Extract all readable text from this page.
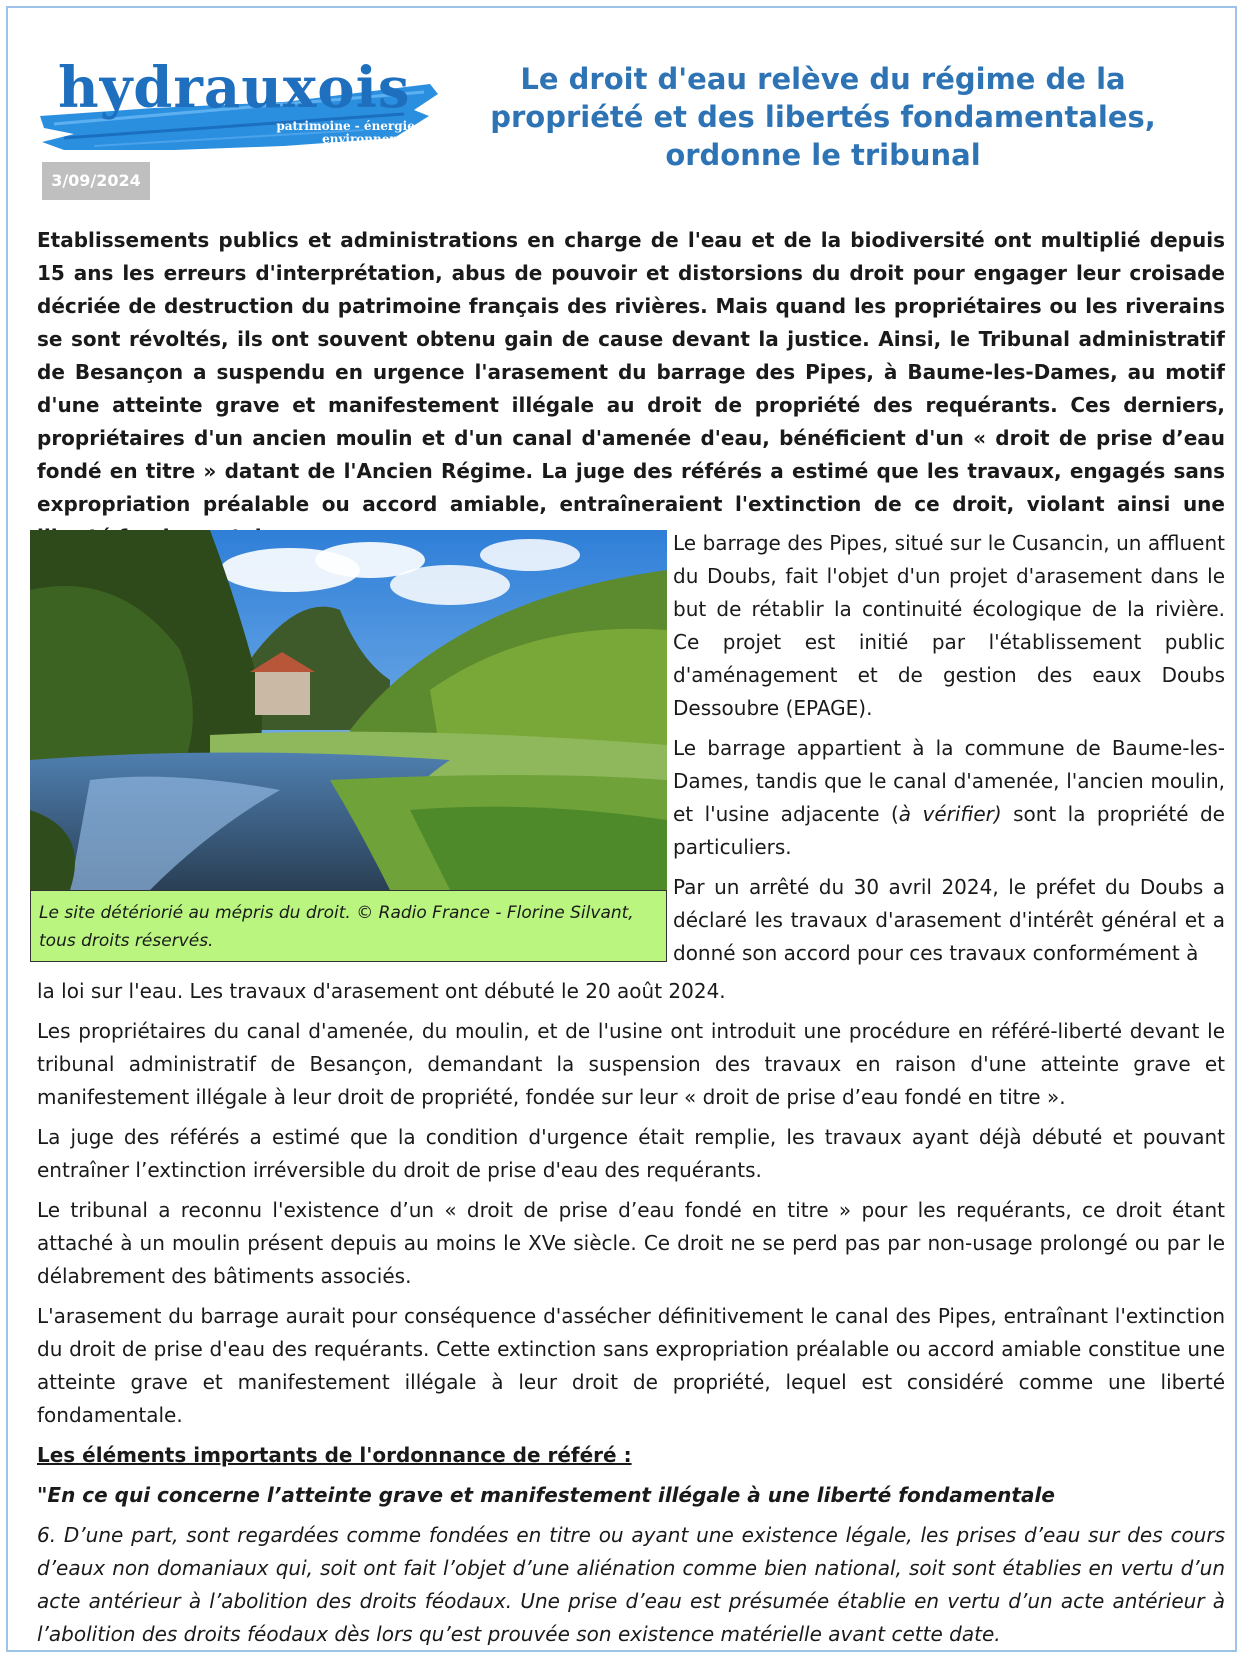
hydrauxois
patrimoine - énergie - environnement
pour des rivières durables
3/09/2024
Le droit d'eau relève du régime de la propriété et des libertés fondamentales, ordonne le tribunal

Etablissements publics et administrations en charge de l'eau et de la biodiversité ont multiplié depuis 15 ans les erreurs d'interprétation, abus de pouvoir et distorsions du droit pour engager leur croisade décriée de destruction du patrimoine français des rivières. Mais quand les propriétaires ou les riverains se sont révoltés, ils ont souvent obtenu gain de cause devant la justice. Ainsi, le Tribunal administratif de Besançon a suspendu en urgence l'arasement du barrage des Pipes, à Baume-les-Dames, au motif d'une atteinte grave et manifestement illégale au droit de propriété des requérants. Ces derniers, propriétaires d'un ancien moulin et d'un canal d'amenée d'eau, bénéficient d'un « droit de prise d’eau fondé en titre » datant de l'Ancien Régime. La juge des référés a estimé que les travaux, engagés sans expropriation préalable ou accord amiable, entraîneraient l'extinction de ce droit, violant ainsi une

Le site détériorié au mépris du droit. © Radio France - Florine Silvant, tous droits réservés.

Le barrage des Pipes, situé sur le Cusancin, un affluent du Doubs, fait l'objet d'un projet d'arasement dans le but de rétablir la continuité écologique de la rivière. Ce projet est initié par l'établissement public d'aménagement et de gestion des eaux Doubs Dessoubre (EPAGE).

Le barrage appartient à la commune de Baume-les-Dames, tandis que le canal d'amenée, l'ancien moulin, et l'usine adjacente (à vérifier) sont la propriété de particuliers.

Par un arrêté du 30 avril 2024, le préfet du Doubs a déclaré les travaux d'arasement d'intérêt général et a donné son accord pour ces travaux conformément à

la loi sur l'eau. Les travaux d'arasement ont débuté le 20 août 2024.

Les propriétaires du canal d'amenée, du moulin, et de l'usine ont introduit une procédure en référé-liberté devant le tribunal administratif de Besançon, demandant la suspension des travaux en raison d'une atteinte grave et manifestement illégale à leur droit de propriété, fondée sur leur « droit de prise d’eau fondé en titre ».

La juge des référés a estimé que la condition d'urgence était remplie, les travaux ayant déjà débuté et pouvant entraîner l’extinction irréversible du droit de prise d'eau des requérants.

Le tribunal a reconnu l'existence d’un « droit de prise d’eau fondé en titre » pour les requérants, ce droit étant attaché à un moulin présent depuis au moins le XVe siècle. Ce droit ne se perd pas par non-usage prolongé ou par le délabrement des bâtiments associés.

L'arasement du barrage aurait pour conséquence d'assécher définitivement le canal des Pipes, entraînant l'extinction du droit de prise d'eau des requérants. Cette extinction sans expropriation préalable ou accord amiable constitue une atteinte grave et manifestement illégale à leur droit de propriété, lequel est considéré comme une liberté fondamentale.

Les éléments importants de l'ordonnance de référé :
"En ce qui concerne l’atteinte grave et manifestement illégale à une liberté fondamentale

6. D’une part, sont regardées comme fondées en titre ou ayant une existence légale, les prises d’eau sur des cours d’eaux non domaniaux qui, soit ont fait l’objet d’une aliénation comme bien national, soit sont établies en vertu d’un acte antérieur à l’abolition des droits féodaux. Une prise d’eau est présumée établie en vertu d’un acte antérieur à l’abolition des droits féodaux dès lors qu’est prouvée son existence matérielle avant cette date.
